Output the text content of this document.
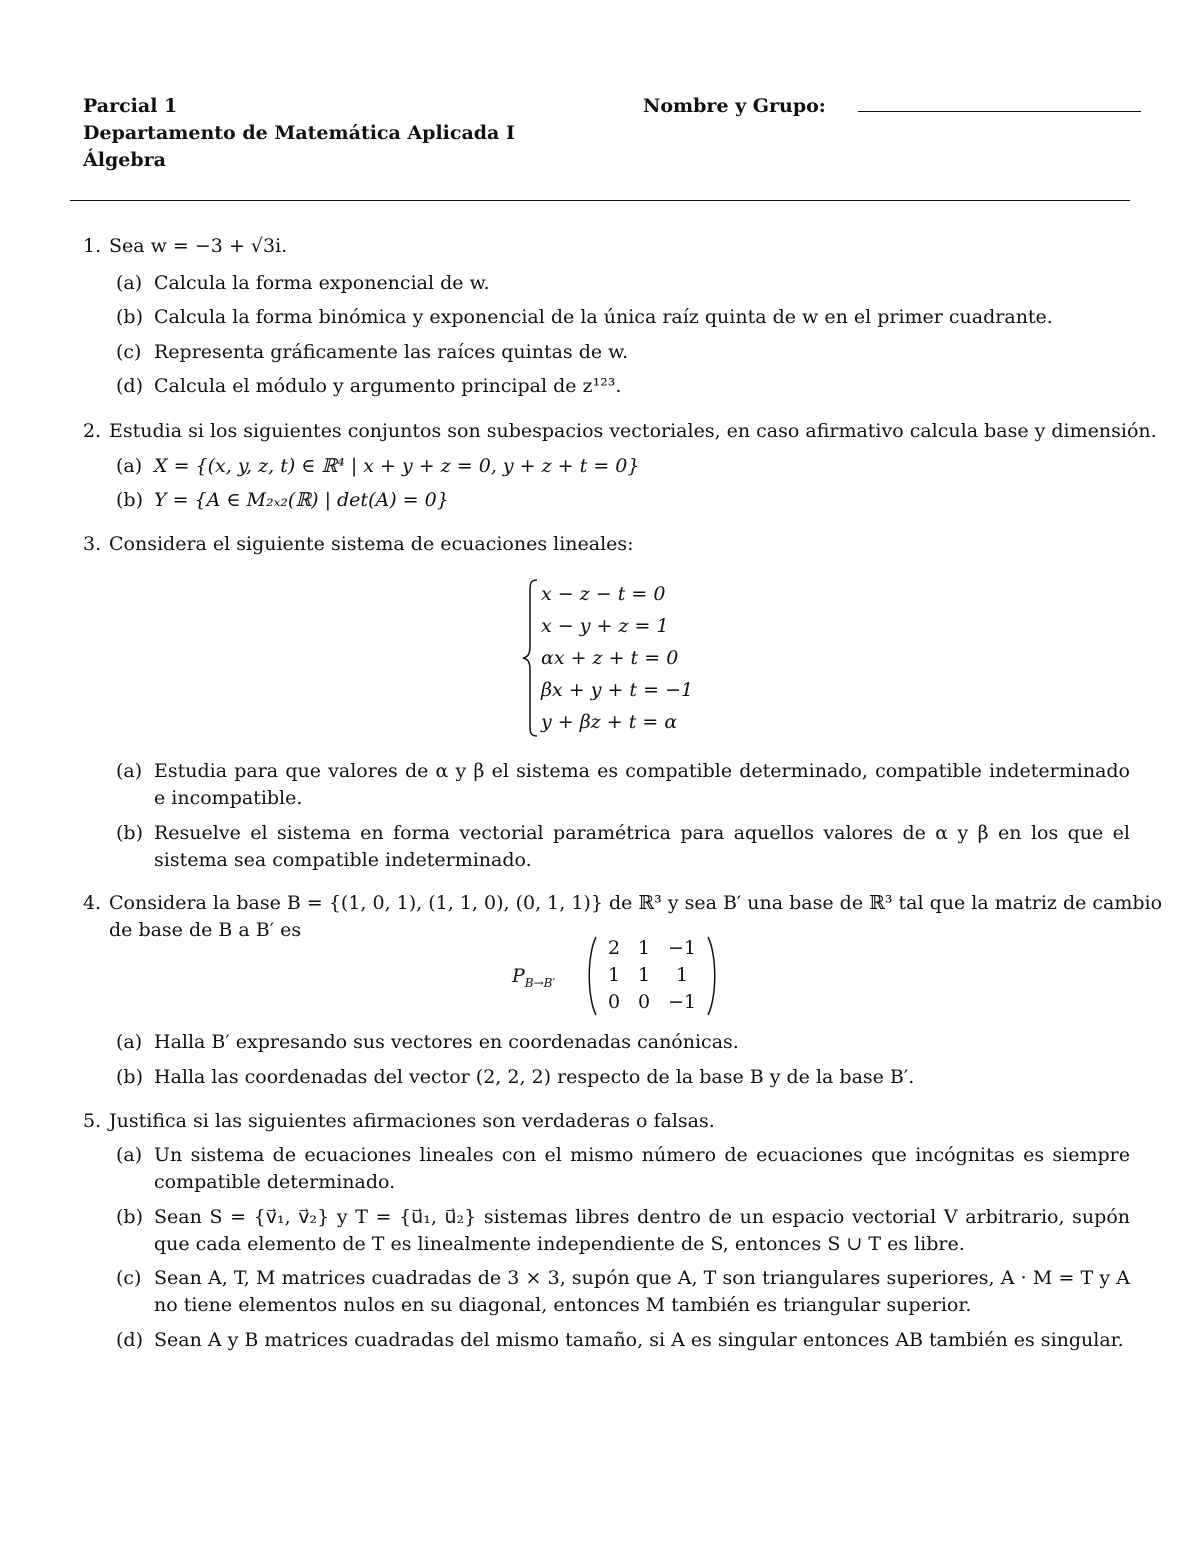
Parcial 1
Departamento de Matemática Aplicada I
Álgebra
Nombre y Grupo:
1. Sea w = −3 + √3i.
(a) Calcula la forma exponencial de w.
(b) Calcula la forma binómica y exponencial de la única raíz quinta de w en el primer cuadrante.
(c) Representa gráficamente las raíces quintas de w.
(d) Calcula el módulo y argumento principal de z¹²³.
2. Estudia si los siguientes conjuntos son subespacios vectoriales, en caso afirmativo calcula base y dimensión.
(a) X = {(x, y, z, t) ∈ ℝ⁴ | x + y + z = 0, y + z + t = 0}
(b) Y = {A ∈ M₂ₓ₂(ℝ) | det(A) = 0}
3. Considera el siguiente sistema de ecuaciones lineales:
x − z − t = 0
x − y + z = 1
αx + z + t = 0
βx + y + t = −1
y + βz + t = α
(a) Estudia para que valores de α y β el sistema es compatible determinado, compatible indeterminado e incompatible.
(b) Resuelve el sistema en forma vectorial paramétrica para aquellos valores de α y β en los que el sistema sea compatible indeterminado.
4. Considera la base B = {(1, 0, 1), (1, 1, 0), (0, 1, 1)} de ℝ³ y sea B′ una base de ℝ³ tal que la matriz de cambio
de base de B a B′ es
$P_{B\to B'}$
2 1 −1
1 1	1
0 0 −1
(a) Halla B′ expresando sus vectores en coordenadas canónicas.
(b) Halla las coordenadas del vector (2, 2, 2) respecto de la base B y de la base B′.
5. Justifica si las siguientes afirmaciones son verdaderas o falsas.
(a) Un sistema de ecuaciones lineales con el mismo número de ecuaciones que incógnitas es siempre compatible determinado.
(b) Sean S = {v⃗₁, v⃗₂} y T = {u⃗₁, u⃗₂} sistemas libres dentro de un espacio vectorial V arbitrario, supón que cada elemento de T es linealmente independiente de S, entonces S ∪ T es libre.
(c) Sean A, T, M matrices cuadradas de 3 × 3, supón que A, T son triangulares superiores, A · M = T y A no tiene elementos nulos en su diagonal, entonces M también es triangular superior.
(d) Sean A y B matrices cuadradas del mismo tamaño, si A es singular entonces AB también es singular.
